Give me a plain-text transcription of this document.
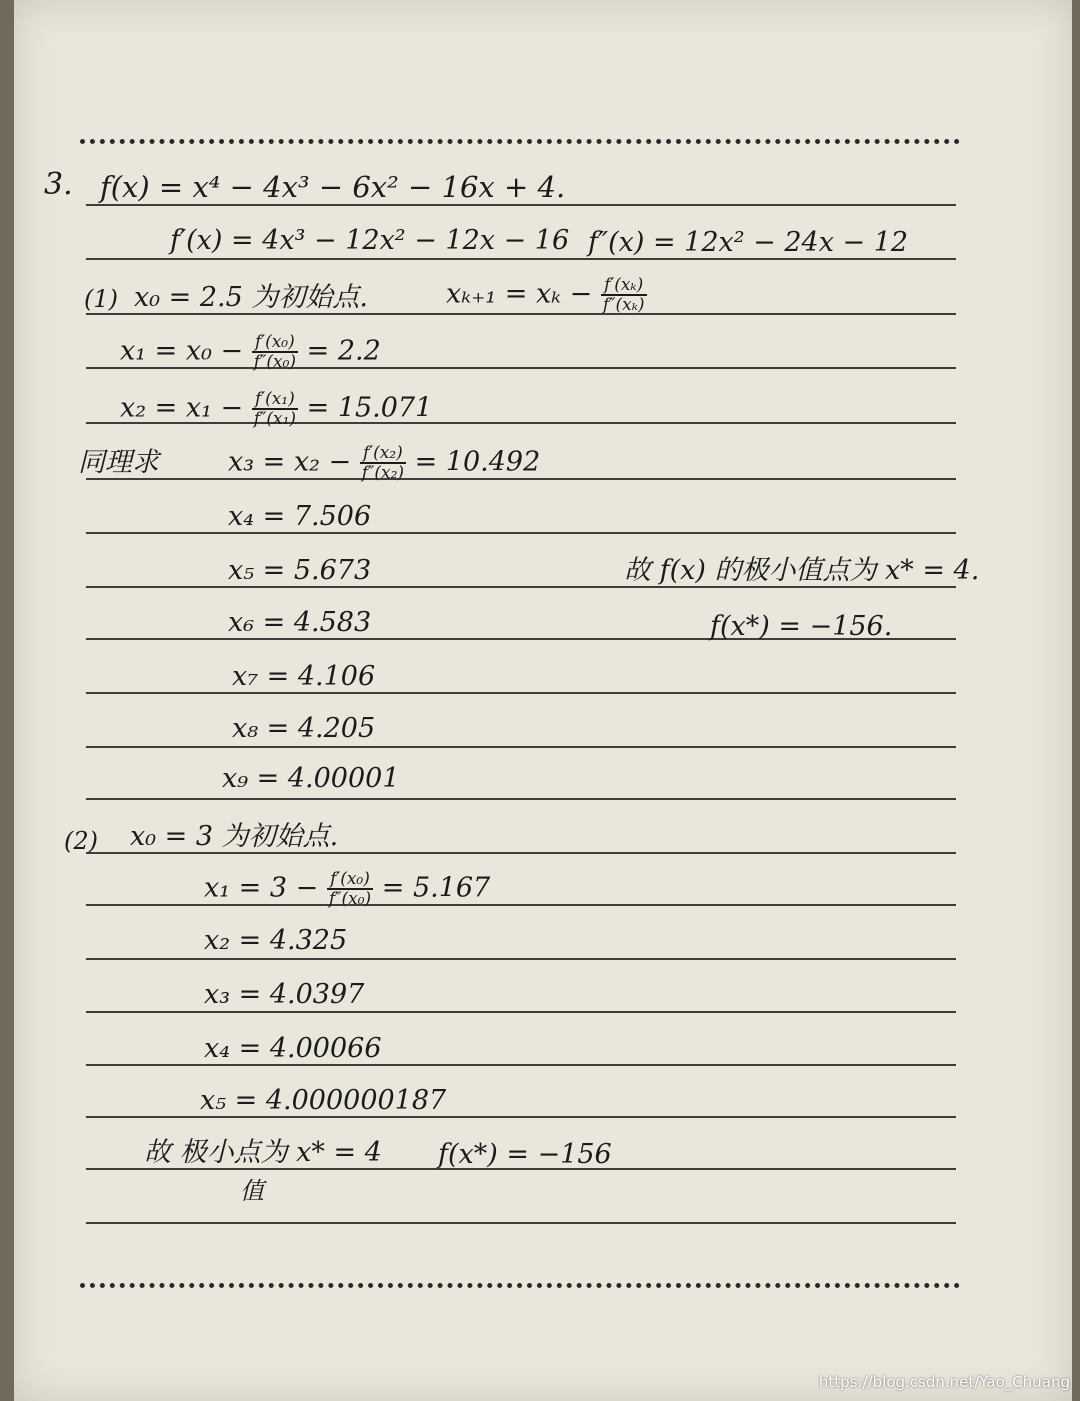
3. f(x) = x⁴ − 4x³ − 6x² − 16x + 4.
f′(x) = 4x³ − 12x² − 12x − 16 f″(x) = 12x² − 24x − 12
(1) x₀ = 2.5 为初始点.	$x_{k+1} = x_k - \frac{\text{f′(xₖ)}}{\text{f″(xₖ)}}$
$x_1 = x_0 - \frac{\text{f′(x₀)}}{\text{f″(x₀)}} = 2.2$
$x_2 = x_1 - \frac{\text{f′(x₁)}}{\text{f″(x₁)}} = 15.071$
同理求	$x_3 = x_2 - \frac{\text{f′(x₂)}}{\text{f″(x₂)}} = 10.492$
x₄ = 7.506
x₅ = 5.673
x₆ = 4.583
x₇ = 4.106
x₈ = 4.205
x₉ = 4.00001
故 f(x) 的极小值点为 x* = 4.
f(x*) = −156.
(2) x₀ = 3 为初始点.
$x_1 = 3 - \frac{\text{f′(x₀)}}{\text{f″(x₀)}} = 5.167$
x₂ = 4.325
x₃ = 4.0397
x₄ = 4.00066
x₅ = 4.000000187
故 极小点为 x* = 4
值
f(x*) = −156
https://blog.csdn.net/Yao_Chuang
